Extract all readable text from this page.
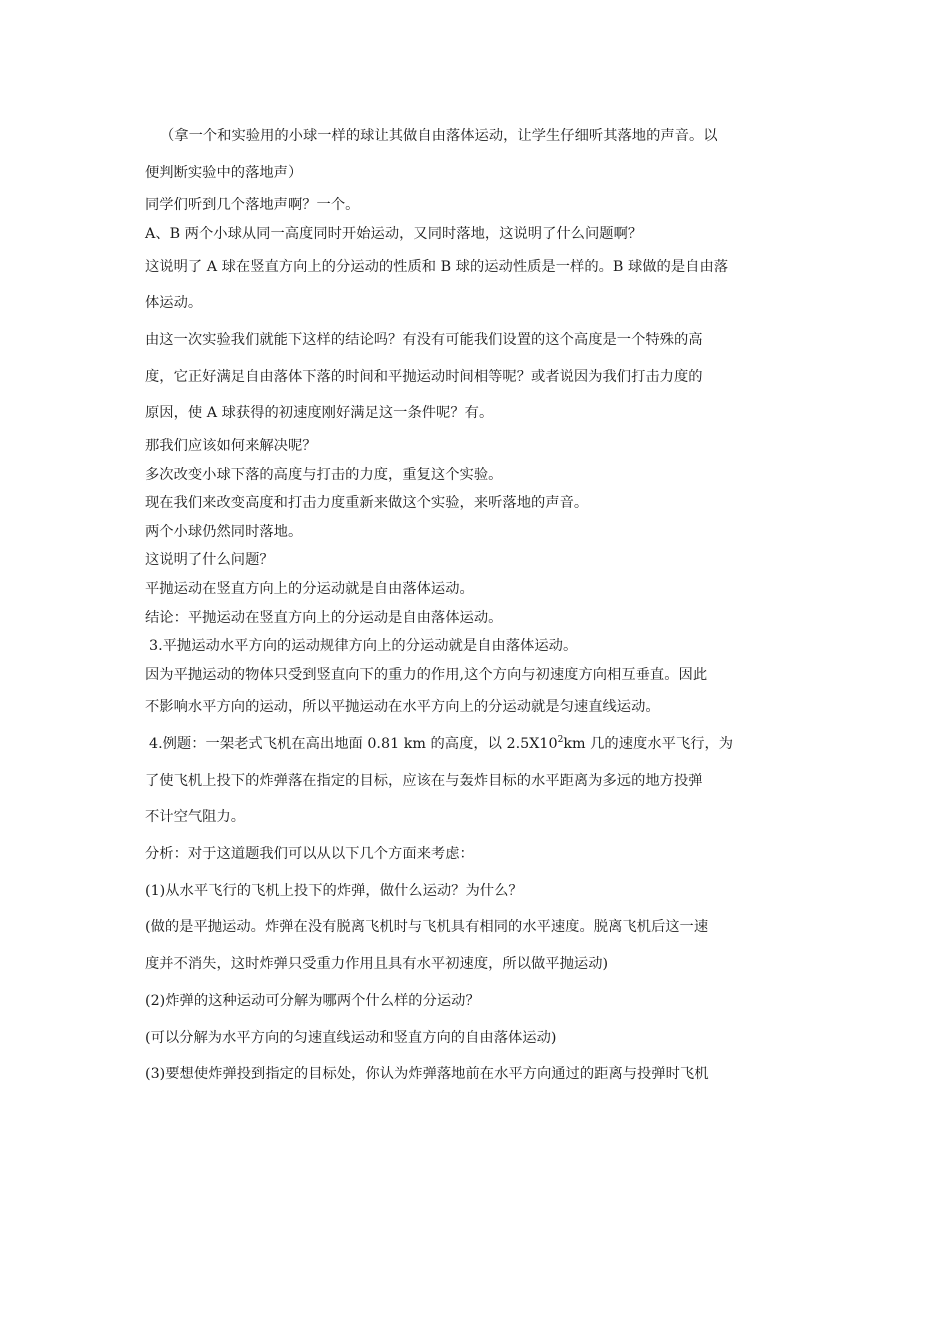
（拿一个和实验用的小球一样的球让其做自由落体运动，让学生仔细听其落地的声音。以
便判断实验中的落地声）
同学们听到几个落地声啊？一个。
A、B 两个小球从同一高度同时开始运动，又同时落地，这说明了什么问题啊？
这说明了 A 球在竖直方向上的分运动的性质和 B 球的运动性质是一样的。B 球做的是自由落
体运动。
由这一次实验我们就能下这样的结论吗？有没有可能我们设置的这个高度是一个特殊的高
度，它正好满足自由落体下落的时间和平抛运动时间相等呢？或者说因为我们打击力度的
原因，使 A 球获得的初速度刚好满足这一条件呢？有。
那我们应该如何来解决呢？
多次改变小球下落的高度与打击的力度，重复这个实验。
现在我们来改变高度和打击力度重新来做这个实验，来听落地的声音。
两个小球仍然同时落地。
这说明了什么问题？
平抛运动在竖直方向上的分运动就是自由落体运动。
结论：平抛运动在竖直方向上的分运动是自由落体运动。
3.平抛运动水平方向的运动规律方向上的分运动就是自由落体运动。
因为平抛运动的物体只受到竖直向下的重力的作用,这个方向与初速度方向相互垂直。因此
不影响水平方向的运动，所以平抛运动在水平方向上的分运动就是匀速直线运动。
4.例题：一架老式飞机在高出地面 0.81 km 的高度，以 $2.5X10^2km$ 几的速度水平飞行，为
了使飞机上投下的炸弹落在指定的目标，应该在与轰炸目标的水平距离为多远的地方投弹
不计空气阻力。
分析：对于这道题我们可以从以下几个方面来考虑：
(1)从水平飞行的飞机上投下的炸弹，做什么运动？为什么？
(做的是平抛运动。炸弹在没有脱离飞机时与飞机具有相同的水平速度。脱离飞机后这一速
度并不消失，这时炸弹只受重力作用且具有水平初速度，所以做平抛运动)
(2)炸弹的这种运动可分解为哪两个什么样的分运动？
(可以分解为水平方向的匀速直线运动和竖直方向的自由落体运动)
(3)要想使炸弹投到指定的目标处，你认为炸弹落地前在水平方向通过的距离与投弹时飞机
